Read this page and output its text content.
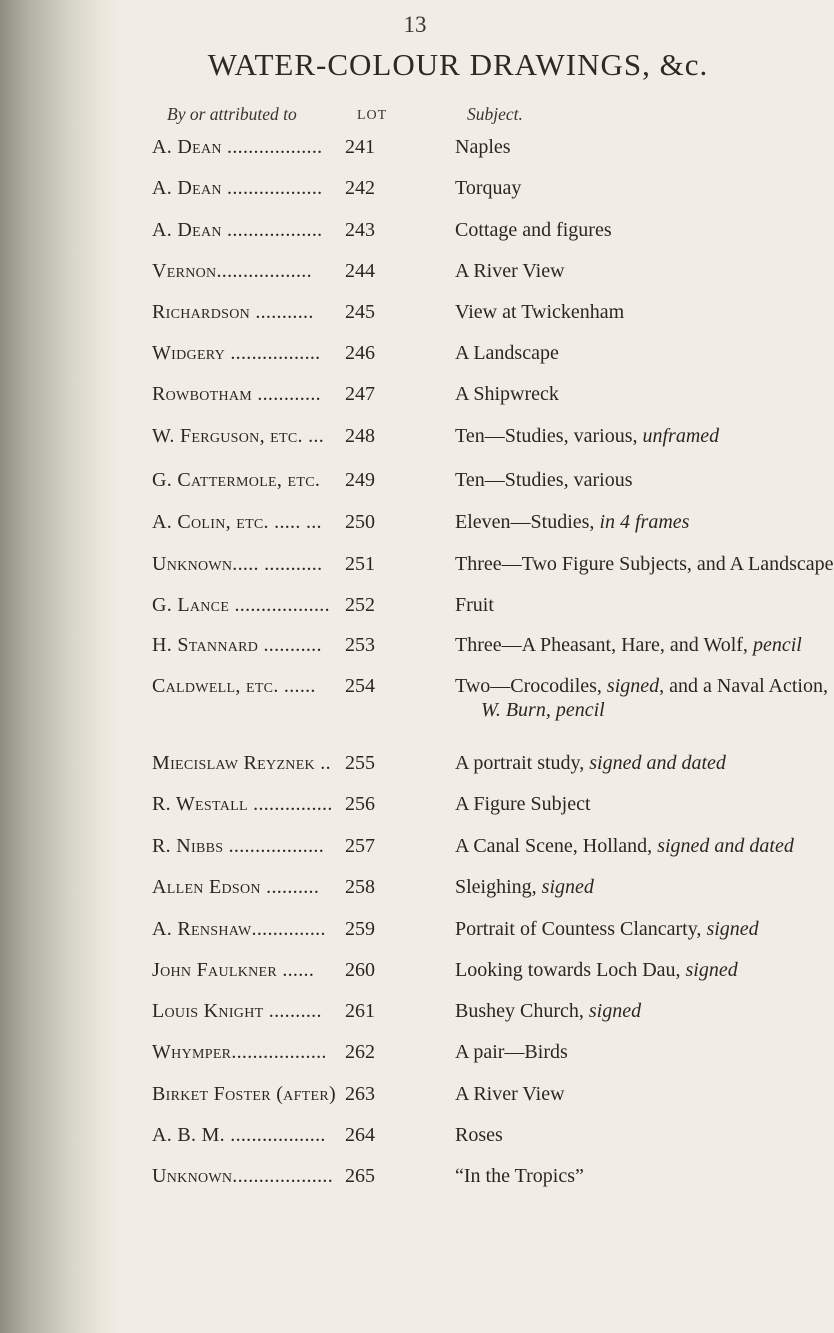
13
WATER-COLOUR DRAWINGS, &c.
By or attributed to	LOT	Subject.
A. Dean ..................	241	Naples
A. Dean ..................	242	Torquay
A. Dean ..................	243	Cottage and figures
Vernon..................	244	A River View
Richardson ...........	245	View at Twickenham
Widgery .................	246	A Landscape
Rowbotham ............	247	A Shipwreck
W. Ferguson, etc. ...	248	Ten—Studies, various, unframed
G. Cattermole, etc.	249	Ten—Studies, various
A. Colin, etc. ..... ...	250	Eleven—Studies, in 4 frames
Unknown..... ...........	251	Three—Two Figure Subjects, and A Landscape
G. Lance .................. 252	Fruit
H. Stannard ...........	253	Three—A Pheasant, Hare, and Wolf, pencil
Caldwell, etc. ......	254	Two—Crocodiles, signed, and a Naval Action,
W. Burn, pencil
Miecislaw Reyznek .. 255	A portrait study, signed and dated
R. Westall ............... 256	A Figure Subject
R. Nibbs ..................	257	A Canal Scene, Holland, signed and dated
Allen Edson ..........	258	Sleighing, signed
A. Renshaw.............. 259	Portrait of Countess Clancarty, signed
John Faulkner ......	260	Looking towards Loch Dau, signed
Louis Knight ..........	261	Bushey Church, signed
Whymper.................. 262	A pair—Birds
Birket Foster (after) 263	A River View
A. B. M. .................. 264	Roses
Unknown................... 265	“In the Tropics”
